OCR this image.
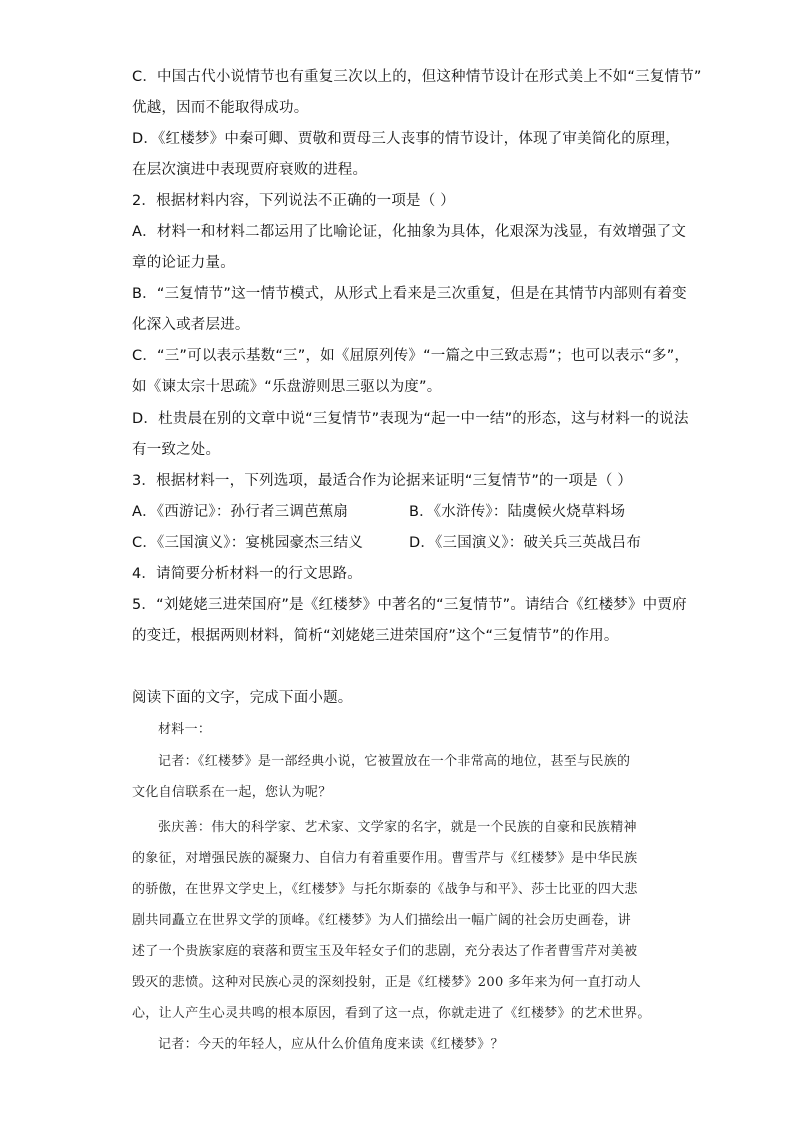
C．中国古代小说情节也有重复三次以上的，但这种情节设计在形式美上不如“三复情节”
优越，因而不能取得成功。
D．《红楼梦》中秦可卿、贾敬和贾母三人丧事的情节设计，体现了审美简化的原理，
在层次演进中表现贾府衰败的进程。
2．根据材料内容，下列说法不正确的一项是（ ）
A．材料一和材料二都运用了比喻论证，化抽象为具体，化艰深为浅显，有效增强了文
章的论证力量。
B．“三复情节”这一情节模式，从形式上看来是三次重复，但是在其情节内部则有着变
化深入或者层进。
C．“三”可以表示基数“三”，如《屈原列传》“一篇之中三致志焉”；也可以表示“多”，
如《谏太宗十思疏》“乐盘游则思三驱以为度”。
D．杜贵晨在别的文章中说“三复情节”表现为“起一中一结”的形态，这与材料一的说法
有一致之处。
3．根据材料一，下列选项，最适合作为论据来证明“三复情节”的一项是（ ）
A．《西游记》：孙行者三调芭蕉扇	B．《水浒传》：陆虞候火烧草料场
C．《三国演义》：宴桃园豪杰三结义	D．《三国演义》：破关兵三英战吕布
4．请简要分析材料一的行文思路。
5．“刘姥姥三进荣国府”是《红楼梦》中著名的“三复情节”。请结合《红楼梦》中贾府
的变迁，根据两则材料，简析“刘姥姥三进荣国府”这个“三复情节”的作用。
阅读下面的文字，完成下面小题。
材料一：
记者：《红楼梦》是一部经典小说，它被置放在一个非常高的地位，甚至与民族的
文化自信联系在一起，您认为呢？
张庆善：伟大的科学家、艺术家、文学家的名字，就是一个民族的自豪和民族精神
的象征，对增强民族的凝聚力、自信力有着重要作用。曹雪芹与《红楼梦》是中华民族
的骄傲，在世界文学史上，《红楼梦》与托尔斯泰的《战争与和平》、莎士比亚的四大悲
剧共同矗立在世界文学的顶峰。《红楼梦》为人们描绘出一幅广阔的社会历史画卷，讲
述了一个贵族家庭的衰落和贾宝玉及年轻女子们的悲剧，充分表达了作者曹雪芹对美被
毁灭的悲愤。这种对民族心灵的深刻投射，正是《红楼梦》200 多年来为何一直打动人
心，让人产生心灵共鸣的根本原因，看到了这一点，你就走进了《红楼梦》的艺术世界。
记者：今天的年轻人，应从什么价值角度来读《红楼梦》？
